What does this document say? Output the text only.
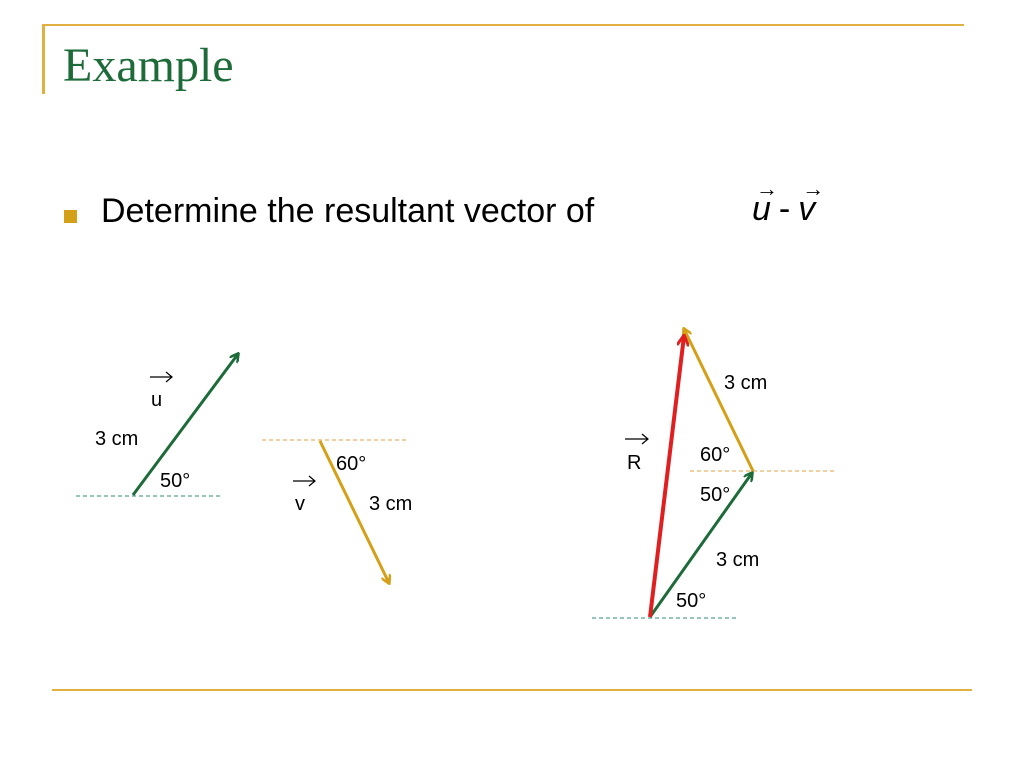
Example
Determine the resultant vector of
→
u -
→
v
u
3 cm
50°
60°
v	3 cm
3 cm
R	60°
50°
3 cm
50°
